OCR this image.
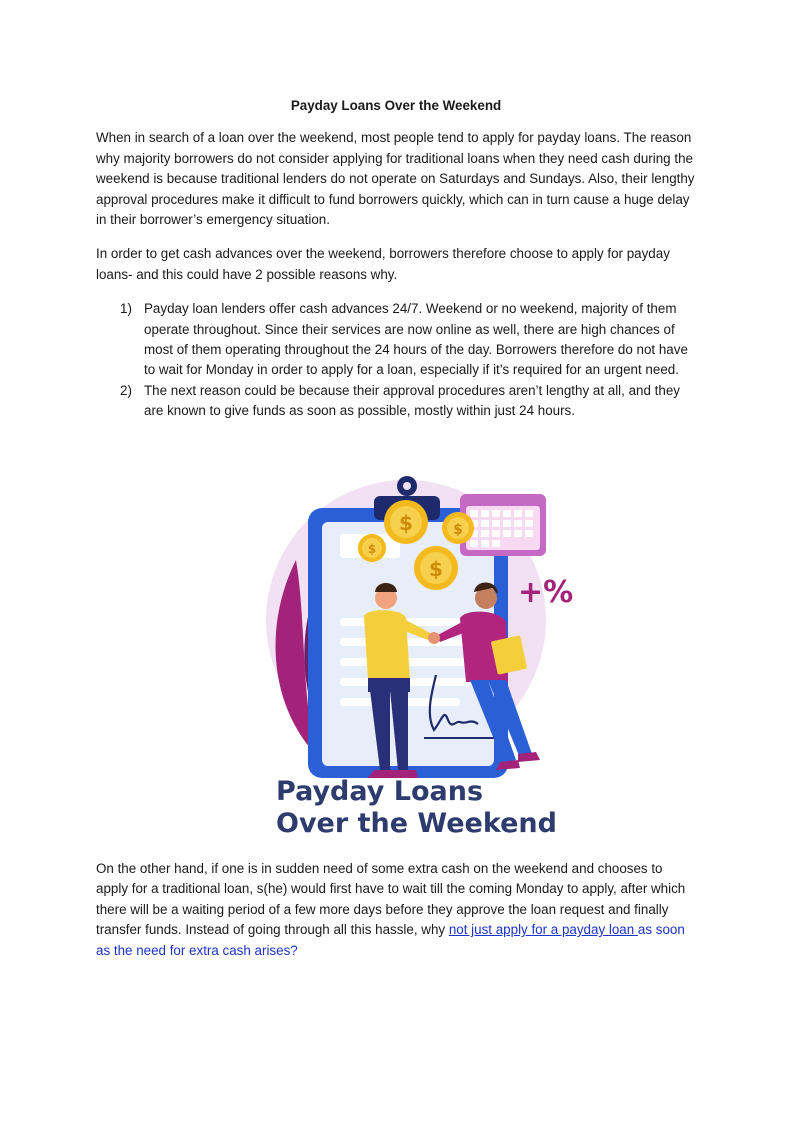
Payday Loans Over the Weekend

When in search of a loan over the weekend, most people tend to apply for payday loans. The reason why majority borrowers do not consider applying for traditional loans when they need cash during the weekend is because traditional lenders do not operate on Saturdays and Sundays. Also, their lengthy approval procedures make it difficult to fund borrowers quickly, which can in turn cause a huge delay in their borrower’s emergency situation.

In order to get cash advances over the weekend, borrowers therefore choose to apply for payday loans- and this could have 2 possible reasons why.

1) Payday loan lenders offer cash advances 24/7. Weekend or no weekend, majority of them operate throughout. Since their services are now online as well, there are high chances of most of them operating throughout the 24 hours of the day. Borrowers therefore do not have to wait for Monday in order to apply for a loan, especially if it’s required for an urgent need.
2) The next reason could be because their approval procedures aren’t lengthy at all, and they are known to give funds as soon as possible, mostly within just 24 hours.
$	$
$
$
+%
Payday Loans
Over the Weekend

On the other hand, if one is in sudden need of some extra cash on the weekend and chooses to apply for a traditional loan, s(he) would first have to wait till the coming Monday to apply, after which there will be a waiting period of a few more days before they approve the loan request and finally transfer funds. Instead of going through all this hassle, why not just apply for a payday loan as soon as the need for extra cash arises?
